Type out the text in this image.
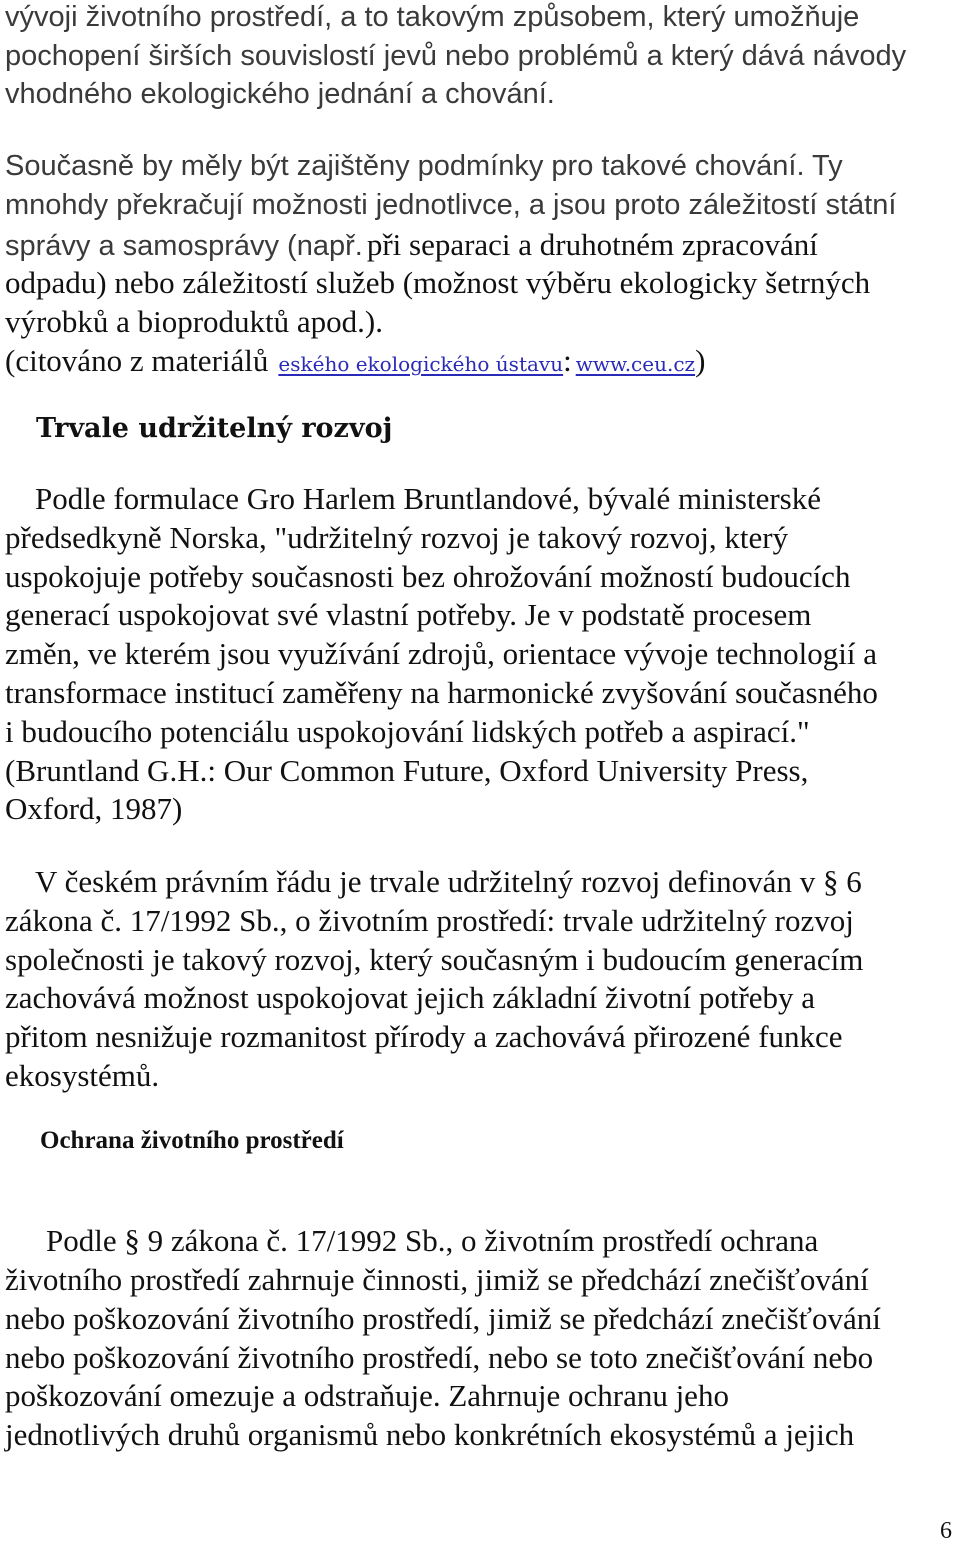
vývoji životního prostředí, a to takovým způsobem, který umožňuje
pochopení širších souvislostí jevů nebo problémů a který dává návody
vhodného ekologického jednání a chování.
Současně by měly být zajištěny podmínky pro takové chování. Ty
mnohdy překračují možnosti jednotlivce, a jsou proto záležitostí státní
správy a samosprávy (např. při separaci a druhotném zpracování
odpadu) nebo záležitostí služeb (možnost výběru ekologicky šetrných
výrobků a bioproduktů apod.).
(citováno z materiálů eského ekologického ústavu: www.ceu.cz)
Trvale udržitelný rozvoj
Podle formulace Gro Harlem Bruntlandové, bývalé ministerské
předsedkyně Norska, "udržitelný rozvoj je takový rozvoj, který
uspokojuje potřeby současnosti bez ohrožování možností budoucích
generací uspokojovat své vlastní potřeby. Je v podstatě procesem
změn, ve kterém jsou využívání zdrojů, orientace vývoje technologií a
transformace institucí zaměřeny na harmonické zvyšování současného
i budoucího potenciálu uspokojování lidských potřeb a aspirací."
(Bruntland G.H.: Our Common Future, Oxford University Press,
Oxford, 1987)
V českém právním řádu je trvale udržitelný rozvoj definován v § 6
zákona č. 17/1992 Sb., o životním prostředí: trvale udržitelný rozvoj
společnosti je takový rozvoj, který současným i budoucím generacím
zachovává možnost uspokojovat jejich základní životní potřeby a
přitom nesnižuje rozmanitost přírody a zachovává přirozené funkce
ekosystémů.
Ochrana životního prostředí
Podle § 9 zákona č. 17/1992 Sb., o životním prostředí ochrana
životního prostředí zahrnuje činnosti, jimiž se předchází znečišťování
nebo poškozování životního prostředí, jimiž se předchází znečišťování
nebo poškozování životního prostředí, nebo se toto znečišťování nebo
poškozování omezuje a odstraňuje. Zahrnuje ochranu jeho
jednotlivých druhů organismů nebo konkrétních ekosystémů a jejich
6
